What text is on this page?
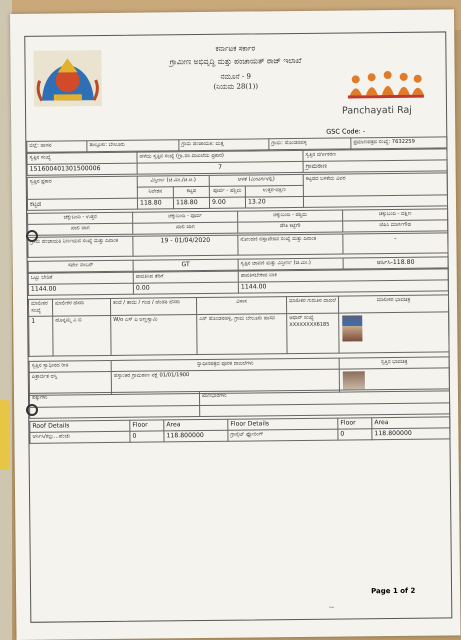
Panchayati Raj
ಕರ್ನಾಟಕ ಸರ್ಕಾರ
ಗ್ರಾಮೀಣ ಅಭಿವೃದ್ಧಿ ಮತ್ತು ಪಂಚಾಯತ್ ರಾಜ್ ಇಲಾಖೆ
ನಮೂನೆ - 9
(ನಿಯಮ 28(1))
GSC Code: -
ಜಿಲ್ಲೆ: ಹಾಸನ	ತಾಲ್ಲೂಕು: ಬೇಲೂರು	ಗ್ರಾಮ ಪಂಚಾಯತಿ: ಮತ್ತ	ಗ್ರಾಮ: ಹೊಂಡನಹಳ್ಳಿ	ಪ್ರಮಾಣಪತ್ರದ ಸಂಖ್ಯೆ: 7632259
ಸ್ವತ್ತಿನ ಸಂಖ್ಯೆ	ಹಳೆಯ ಸ್ವತ್ತಿನ ಸಂಖ್ಯೆ (ಗ್ರಾ.ಪಂ.ದಾಖಲೆಯ ಪ್ರಕಾರ)	ಸ್ವತ್ತಿನ ವರ್ಗೀಕರಣ
151600401301500006	7	ಗ್ರಾಮಠಾಣ
ಸ್ವತ್ತಿನ ಪ್ರಕಾರ	ವಿಸ್ತೀರ್ಣ (ಚ.ಮೀ./ಚ.ಅ.)		ಅಳತೆ (ಮೀಟರ್ಗಳಲ್ಲಿ)		ಕಟ್ಟಡದ ಬಳಕೆಯ ವಿವರ
	ನಿವೇಶನ	ಕಟ್ಟಡ	ಪೂರ್ವ - ಪಶ್ಚಿಮ	ಉತ್ತರ-ದಕ್ಷಿಣ	
ಕಟ್ಟಡ	118.80	118.80	9.00	13.20	
ಚಕ್ಕುಬಂದಿ - ಉತ್ತರ	ಚಕ್ಕುಬಂದಿ - ಪೂರ್ವ	ಚಕ್ಕುಬಂದಿ - ಪಶ್ಚಿಮ	ಚಕ್ಕುಬಂದಿ - ದಕ್ಷಿಣ
ಖಾಲಿ ಜಾಗ	ಖಾಲಿ ಜಾಗ	ಪೌತಿ ಕಟ್ಟೆಗೌ	ಜೆಪಿಸಿ ಮಾರ್ಗಗೌಡ
ಗ್ರಾಮ ಪಂಚಾಯತಿ ನಿರ್ಣಯದ ಸಂಖ್ಯೆ ಮತ್ತು ದಿನಾಂಕ	19 - 01/04/2020	ನೋಂದಣಿ ದಸ್ತಾವೇಜಿನ ಸಂಖ್ಯೆ ಮತ್ತು ದಿನಾಂಕ	-
ಸರ್ವೇ ನಂಬರ್	GT	ಸ್ವತ್ತಿನ ಚಾವಣಿ ಮತ್ತು ವಿಸ್ತೀರ್ಣ (ಚ.ಮೀ.)	ಆರ್ಸಿಸಿ-118.80
ಒಟ್ಟು ಬೇಡಿಕೆ	ಪಾವತಿಸಿದ ತೆರಿಗೆ	ಪಾವತಿಸಬೇಕಾದ ಬಾಕಿ
1144.00	0.00	1144.00
ಮಾಲೀಕರ ಸಂಖ್ಯೆ	ಮಾಲೀಕರ ಹೆಸರು	ತಂದೆ / ತಾಯಿ / ಗಂಡ / ಹೆಂಡತಿ ಹೆಸರು	ವಿಳಾಸ	ಮಾಲೀಕರ ಗುರುತಿನ ದಾಖಲೆ	ಮಾಲೀಕರ ಭಾವಚಿತ್ರ
1	ಹೊನ್ನಮ್ಮ ಎ ಬಿ	W/o ಎಸ್ ಪಿ ಅಣ್ಣಸ್ವಾಮಿ	ಎನ್ ಹೊಂಡನಹಳ್ಳಿ, ಗ್ರಾಮ ಬೇಲೂರು ಹಾಸನ	ಆಧಾರ್ ಸಂಖ್ಯೆ
XXXXXXXX6185	

ಸ್ವತ್ತಿನ ಸ್ವಾಧೀನದ ರೀತಿ	ಸ್ವಾಧೀನಪತ್ರದ ಪೂರಕ ದಾಖಲೆಗಳು	ಸ್ವತ್ತಿನ ಭಾವಚಿತ್ರ
ಪಿತ್ರಾರ್ಜಿತ ಆಸ್ತಿ	ಹಸ್ತಾಂತರ ಗ್ರಾಮಠಾಣ ನಕ್ಷೆ 01/01/1900	
ಹಕ್ಕುಗಳು	ಋಣಭಾರಗಳು

Roof Details	Floor	Area	Floor Details	Floor	Area
ಆರ್ಸಿಸಿ/ಕಲ್ಲು...ಹೆಂಚು	0	118.800000	ಗ್ರಾನೈಟ್ ಫ್ಲೋರಿಂಗ್	0	118.800000
Page 1 of 2
~
